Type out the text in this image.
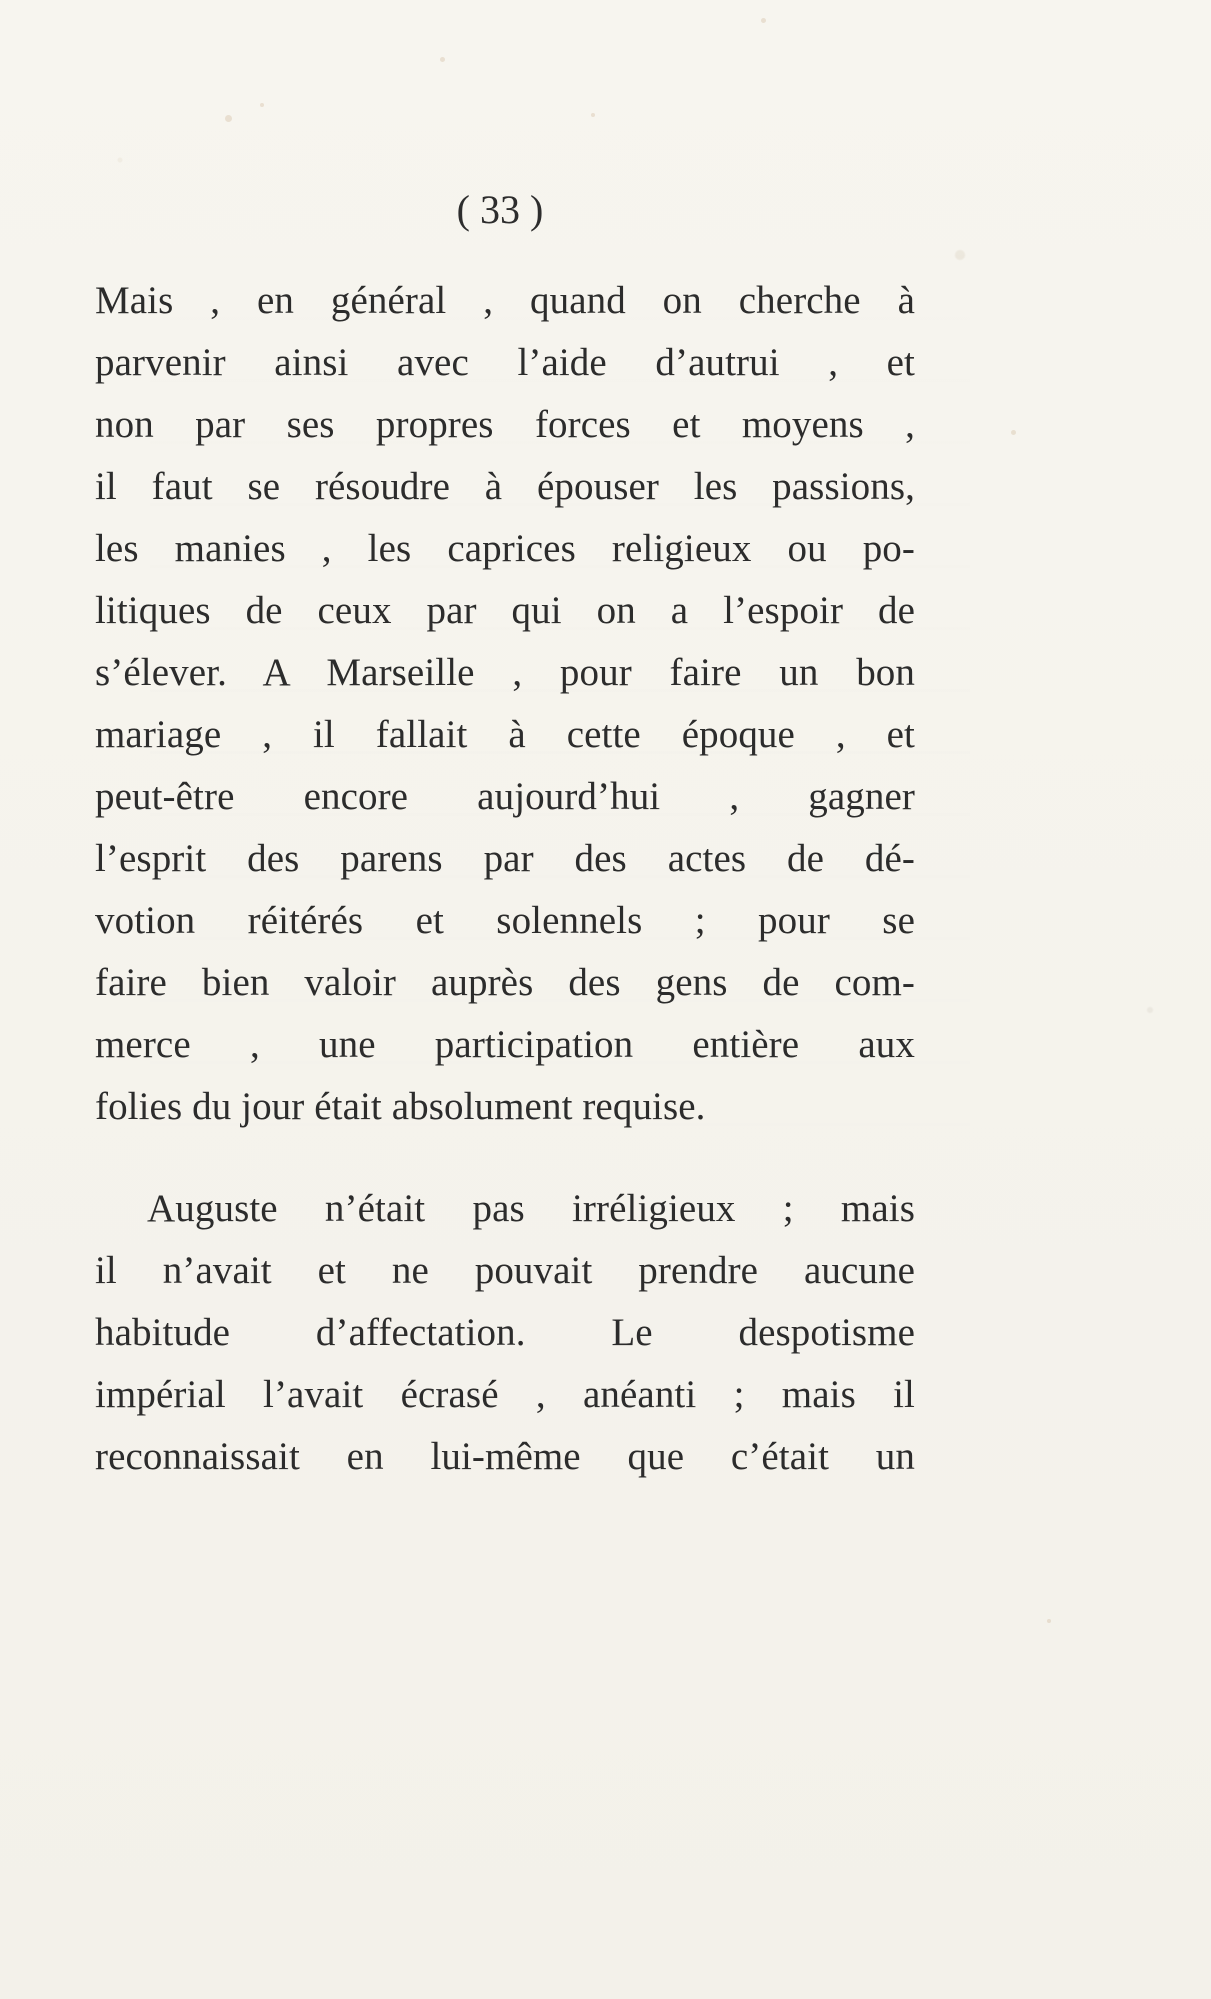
( 33 )
Mais , en général , quand on cherche à
parvenir ainsi avec l’aide d’autrui , et
non par ses propres forces et moyens ,
il faut se résoudre à épouser les passions,
les manies , les caprices religieux ou po-
litiques de ceux par qui on a l’espoir de
s’élever. A Marseille , pour faire un bon
mariage , il fallait à cette époque , et
peut-être encore aujourd’hui , gagner
l’esprit des parens par des actes de dé-
votion réitérés et solennels ; pour se
faire bien valoir auprès des gens de com-
merce , une participation entière aux
folies du jour était absolument requise.
Auguste n’était pas irréligieux ; mais
il n’avait et ne pouvait prendre aucune
habitude d’affectation. Le despotisme
impérial l’avait écrasé , anéanti ; mais il
reconnaissait en lui-même que c’était un
